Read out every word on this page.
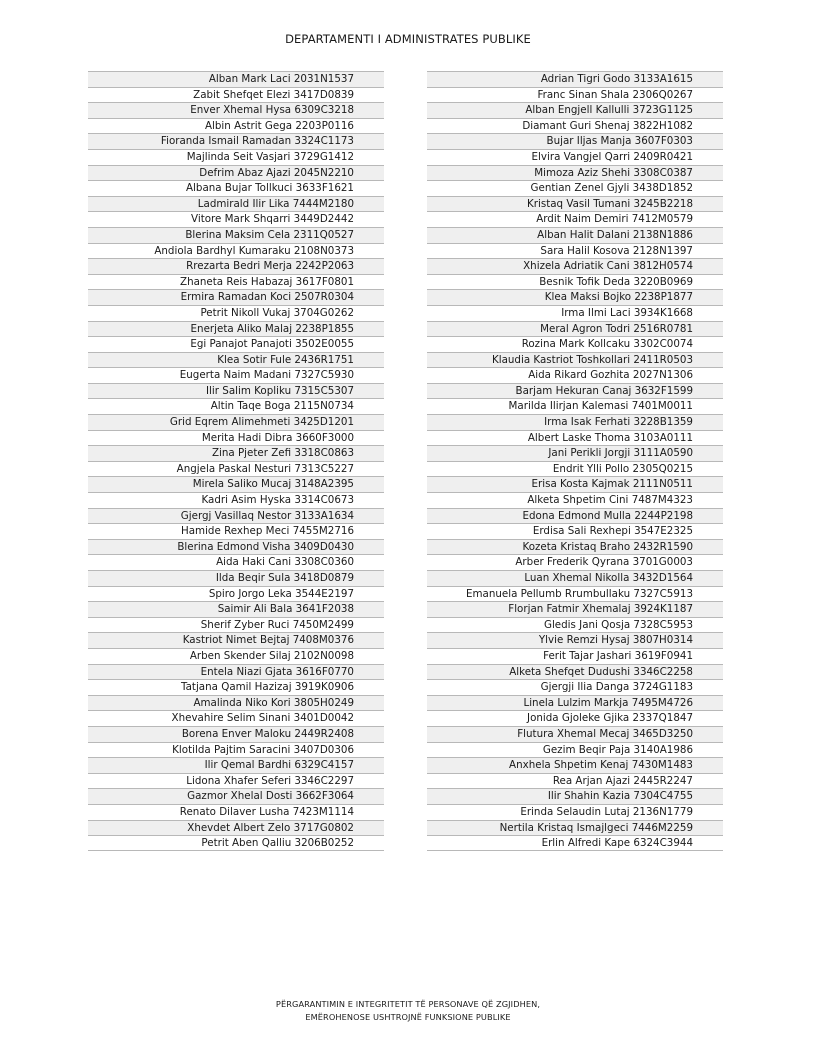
DEPARTAMENTI I ADMINISTRATES PUBLIKE
Alban Mark Laci 2031N1537
Zabit Shefqet Elezi 3417D0839
Enver Xhemal Hysa 6309C3218
Albin Astrit Gega 2203P0116
Fioranda Ismail Ramadan 3324C1173
Majlinda Seit Vasjari 3729G1412
Defrim Abaz Ajazi 2045N2210
Albana Bujar Tollkuci 3633F1621
Ladmirald Ilir Lika 7444M2180
Vitore Mark Shqarri 3449D2442
Blerina Maksim Cela 2311Q0527
Andiola Bardhyl Kumaraku 2108N0373
Rrezarta Bedri Merja 2242P2063
Zhaneta Reis Habazaj 3617F0801
Ermira Ramadan Koci 2507R0304
Petrit Nikoll Vukaj 3704G0262
Enerjeta Aliko Malaj 2238P1855
Egi Panajot Panajoti 3502E0055
Klea Sotir Fule 2436R1751
Eugerta Naim Madani 7327C5930
Ilir Salim Kopliku 7315C5307
Altin Taqe Boga 2115N0734
Grid Eqrem Alimehmeti 3425D1201
Merita Hadi Dibra 3660F3000
Zina Pjeter Zefi 3318C0863
Angjela Paskal Nesturi 7313C5227
Mirela Saliko Mucaj 3148A2395
Kadri Asim Hyska 3314C0673
Gjergj Vasillaq Nestor 3133A1634
Hamide Rexhep Meci 7455M2716
Blerina Edmond Visha 3409D0430
Aida Haki Cani 3308C0360
Ilda Beqir Sula 3418D0879
Spiro Jorgo Leka 3544E2197
Saimir Ali Bala 3641F2038
Sherif Zyber Ruci 7450M2499
Kastriot Nimet Bejtaj 7408M0376
Arben Skender Silaj 2102N0098
Entela Niazi Gjata 3616F0770
Tatjana Qamil Hazizaj 3919K0906
Amalinda Niko Kori 3805H0249
Xhevahire Selim Sinani 3401D0042
Borena Enver Maloku 2449R2408
Klotilda Pajtim Saracini 3407D0306
Ilir Qemal Bardhi 6329C4157
Lidona Xhafer Seferi 3346C2297
Gazmor Xhelal Dosti 3662F3064
Renato Dilaver Lusha 7423M1114
Xhevdet Albert Zelo 3717G0802
Petrit Aben Qalliu 3206B0252
Adrian Tigri Godo 3133A1615
Franc Sinan Shala 2306Q0267
Alban Engjell Kallulli 3723G1125
Diamant Guri Shenaj 3822H1082
Bujar Iljas Manja 3607F0303
Elvira Vangjel Qarri 2409R0421
Mimoza Aziz Shehi 3308C0387
Gentian Zenel Gjyli 3438D1852
Kristaq Vasil Tumani 3245B2218
Ardit Naim Demiri 7412M0579
Alban Halit Dalani 2138N1886
Sara Halil Kosova 2128N1397
Xhizela Adriatik Cani 3812H0574
Besnik Tofik Deda 3220B0969
Klea Maksi Bojko 2238P1877
Irma Ilmi Laci 3934K1668
Meral Agron Todri 2516R0781
Rozina Mark Kollcaku 3302C0074
Klaudia Kastriot Toshkollari 2411R0503
Aida Rikard Gozhita 2027N1306
Barjam Hekuran Canaj 3632F1599
Marilda Ilirjan Kalemasi 7401M0011
Irma Isak Ferhati 3228B1359
Albert Laske Thoma 3103A0111
Jani Perikli Jorgji 3111A0590
Endrit Ylli Pollo 2305Q0215
Erisa Kosta Kajmak 2111N0511
Alketa Shpetim Cini 7487M4323
Edona Edmond Mulla 2244P2198
Erdisa Sali Rexhepi 3547E2325
Kozeta Kristaq Braho 2432R1590
Arber Frederik Qyrana 3701G0003
Luan Xhemal Nikolla 3432D1564
Emanuela Pellumb Rrumbullaku 7327C5913
Florjan Fatmir Xhemalaj 3924K1187
Gledis Jani Qosja 7328C5953
Ylvie Remzi Hysaj 3807H0314
Ferit Tajar Jashari 3619F0941
Alketa Shefqet Dudushi 3346C2258
Gjergji Ilia Danga 3724G1183
Linela Lulzim Markja 7495M4726
Jonida Gjoleke Gjika 2337Q1847
Flutura Xhemal Mecaj 3465D3250
Gezim Beqir Paja 3140A1986
Anxhela Shpetim Kenaj 7430M1483
Rea Arjan Ajazi 2445R2247
Ilir Shahin Kazia 7304C4755
Erinda Selaudin Lutaj 2136N1779
Nertila Kristaq Ismajlgeci 7446M2259
Erlin Alfredi Kape 6324C3944
PËRGARANTIMIN E INTEGRITETIT TË PERSONAVE QË ZGJIDHEN,
EMËROHENOSE USHTROJNË FUNKSIONE PUBLIKE
